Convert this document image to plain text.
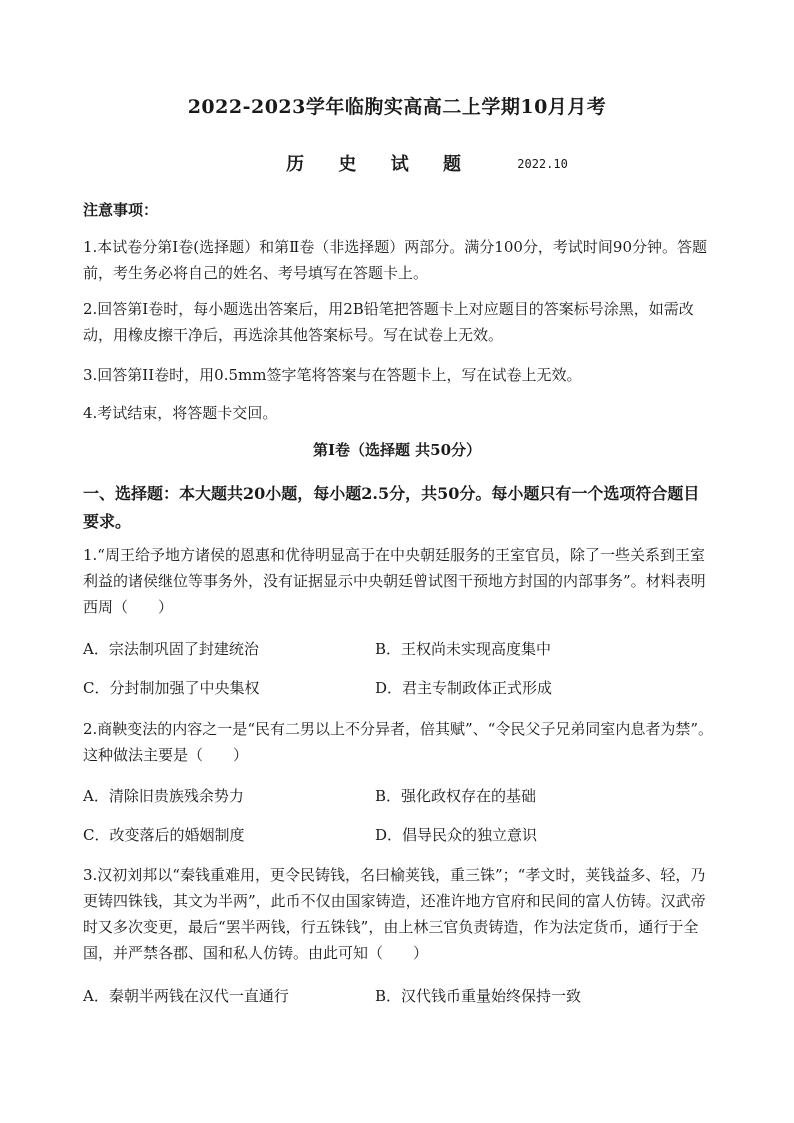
2022-2023学年临朐实高高二上学期10月月考
历 史 试 题	2022.10
注意事项：
1.本试卷分第Ⅰ卷(选择题）和第Ⅱ卷（非选择题）两部分。满分100分，考试时间90分钟。答题前，考生务必将自己的姓名、考号填写在答题卡上。
2.回答第Ⅰ卷时，每小题选出答案后，用2B铅笔把答题卡上对应题目的答案标号涂黑，如需改动，用橡皮擦干净后，再选涂其他答案标号。写在试卷上无效。
3.回答第II卷时，用0.5mm签字笔将答案与在答题卡上，写在试卷上无效。
4.考试结束，将答题卡交回。
第Ⅰ卷（选择题 共50分）
一、选择题：本大题共20小题，每小题2.5分，共50分。每小题只有一个选项符合题目要求。
1.“周王给予地方诸侯的恩惠和优待明显高于在中央朝廷服务的王室官员，除了一些关系到王室利益的诸侯继位等事务外，没有证据显示中央朝廷曾试图干预地方封国的内部事务”。材料表明西周（　　）
A．宗法制巩固了封建统治	B．王权尚未实现高度集中
C．分封制加强了中央集权	D．君主专制政体正式形成
2.商鞅变法的内容之一是“民有二男以上不分异者，倍其赋”、“令民父子兄弟同室内息者为禁”。这种做法主要是（　　）
A．清除旧贵族残余势力	B．强化政权存在的基础
C．改变落后的婚姻制度	D．倡导民众的独立意识
3.汉初刘邦以“秦钱重难用，更令民铸钱，名曰榆荚钱，重三铢”；“孝文时，荚钱益多、轻，乃更铸四铢钱，其文为半两”，此币不仅由国家铸造，还准许地方官府和民间的富人仿铸。汉武帝时又多次变更，最后“罢半两钱，行五铢钱”，由上林三官负责铸造，作为法定货币，通行于全国，并严禁各郡、国和私人仿铸。由此可知（　　）
A．秦朝半两钱在汉代一直通行	B．汉代钱币重量始终保持一致
